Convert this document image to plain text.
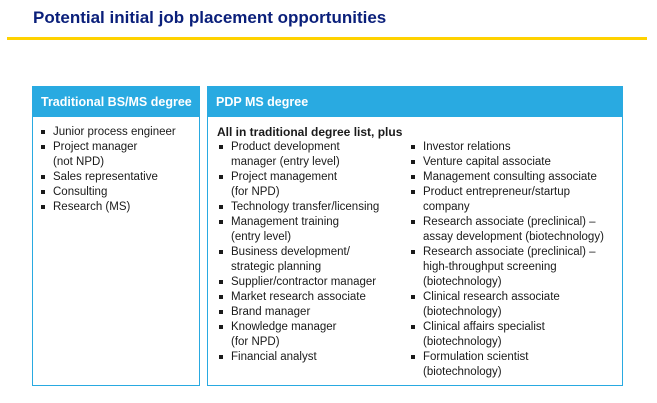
Potential initial job placement opportunities
Traditional BS/MS degree
Junior process engineer
Project manager
(not NPD)
Sales representative
Consulting
Research (MS)
PDP MS degree
All in traditional degree list, plus
Product development
manager (entry level)
Project management
(for NPD)
Technology transfer/licensing
Management training
(entry level)
Business development/
strategic planning
Supplier/contractor manager
Market research associate
Brand manager
Knowledge manager
(for NPD)
Financial analyst
Investor relations
Venture capital associate
Management consulting associate
Product entrepreneur/startup
company
Research associate (preclinical) –
assay development (biotechnology)
Research associate (preclinical) –
high-throughput screening
(biotechnology)
Clinical research associate
(biotechnology)
Clinical affairs specialist
(biotechnology)
Formulation scientist
(biotechnology)
